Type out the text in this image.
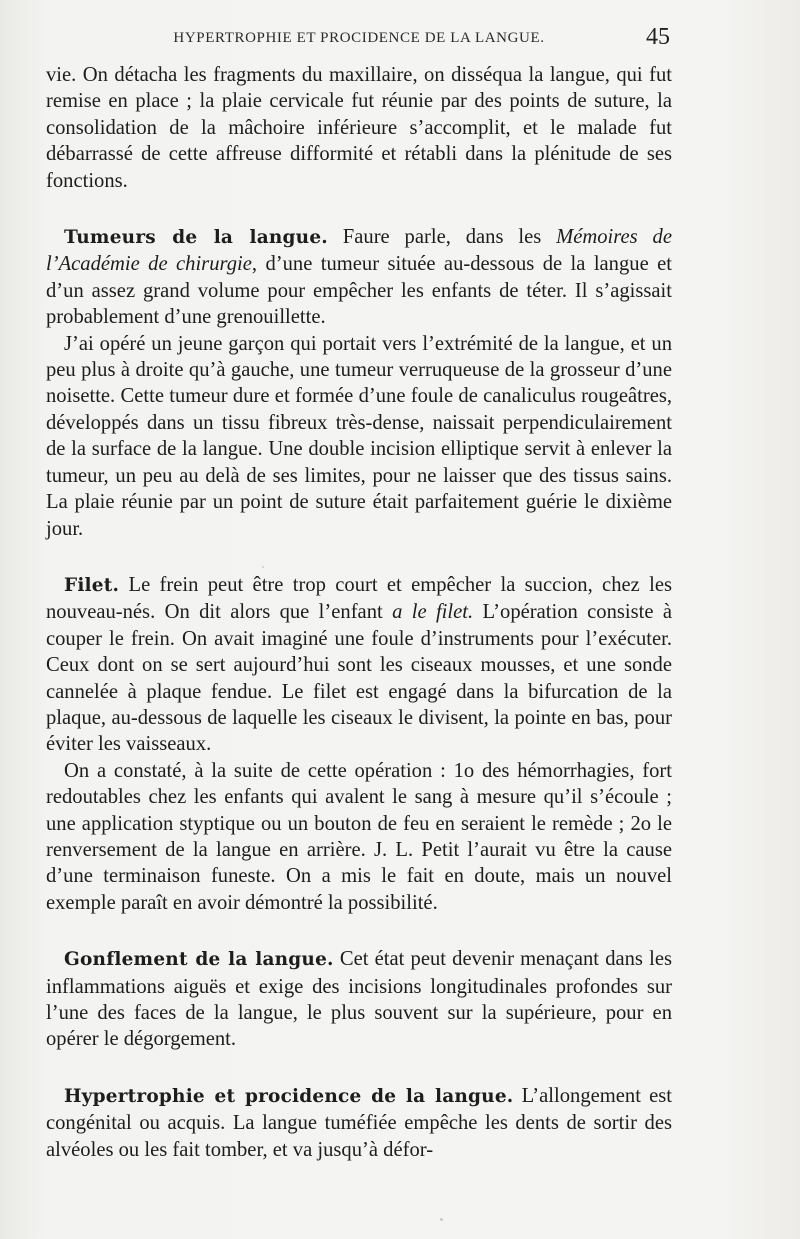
HYPERTROPHIE ET PROCIDENCE DE LA LANGUE.	45

vie. On détacha les fragments du maxillaire, on disséqua la langue, qui fut remise en place ; la plaie cervicale fut réunie par des points de suture, la consolidation de la mâchoire inférieure s’accomplit, et le malade fut débarrassé de cette affreuse difformité et rétabli dans la plénitude de ses fonctions.

Tumeurs de la langue. Faure parle, dans les Mémoires de l’Académie de chirurgie, d’une tumeur située au-dessous de la langue et d’un assez grand volume pour empêcher les enfants de téter. Il s’agissait probablement d’une grenouillette.

J’ai opéré un jeune garçon qui portait vers l’extrémité de la langue, et un peu plus à droite qu’à gauche, une tumeur verruqueuse de la grosseur d’une noisette. Cette tumeur dure et formée d’une foule de canaliculus rougeâtres, développés dans un tissu fibreux très-dense, naissait perpendiculairement de la surface de la langue. Une double incision elliptique servit à enlever la tumeur, un peu au delà de ses limites, pour ne laisser que des tissus sains. La plaie réunie par un point de suture était parfaitement guérie le dixième jour.

Filet. Le frein peut être trop court et empêcher la succion, chez les nouveau-nés. On dit alors que l’enfant a le filet. L’opération consiste à couper le frein. On avait imaginé une foule d’instruments pour l’exécuter. Ceux dont on se sert aujourd’hui sont les ciseaux mousses, et une sonde cannelée à plaque fendue. Le filet est engagé dans la bifurcation de la plaque, au-dessous de laquelle les ciseaux le divisent, la pointe en bas, pour éviter les vaisseaux.

On a constaté, à la suite de cette opération : 1o des hémorrhagies, fort redoutables chez les enfants qui avalent le sang à mesure qu’il s’écoule ; une application styptique ou un bouton de feu en seraient le remède ; 2o le renversement de la langue en arrière. J. L. Petit l’aurait vu être la cause d’une terminaison funeste. On a mis le fait en doute, mais un nouvel exemple paraît en avoir démontré la possibilité.

Gonflement de la langue. Cet état peut devenir menaçant dans les inflammations aiguës et exige des incisions longitudinales profondes sur l’une des faces de la langue, le plus souvent sur la supérieure, pour en opérer le dégorgement.

Hypertrophie et procidence de la langue. L’allongement est congénital ou acquis. La langue tuméfiée empêche les dents de sortir des alvéoles ou les fait tomber, et va jusqu’à défor-
